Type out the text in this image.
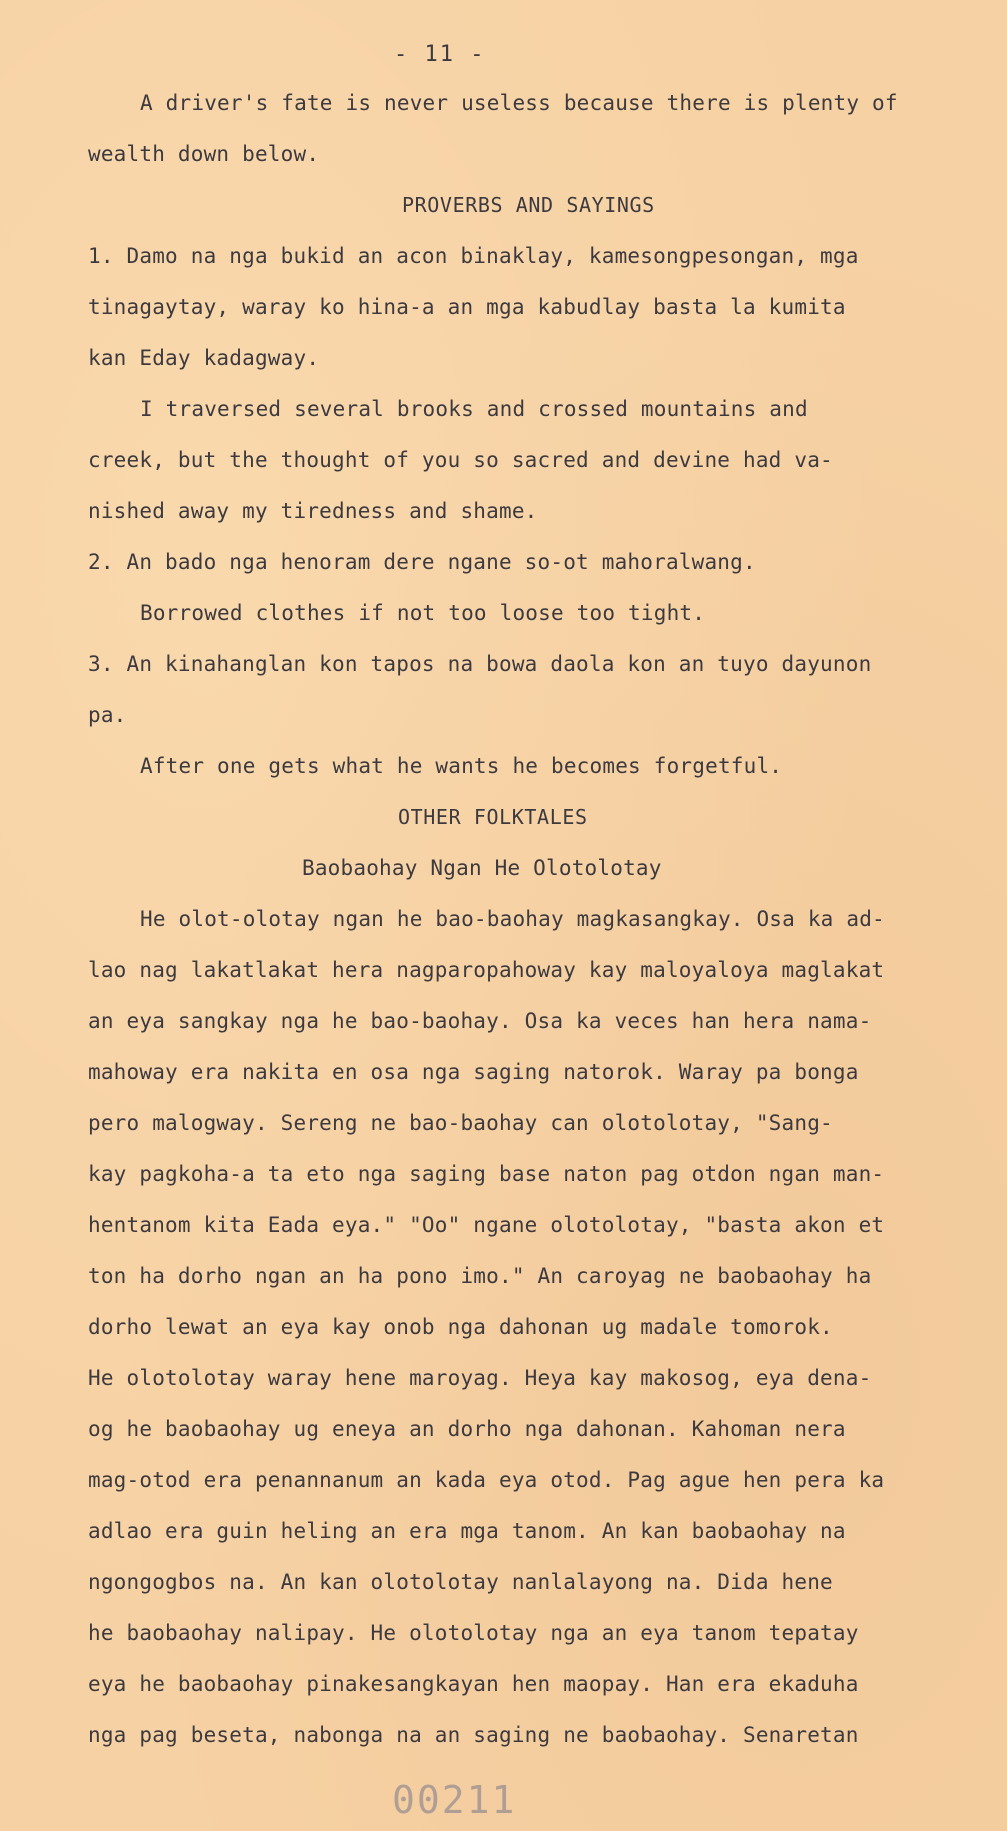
- 11 -
A driver's fate is never useless because there is plenty of
wealth down below.
PROVERBS AND SAYINGS
1. Damo na nga bukid an acon binaklay, kamesongpesongan, mga
tinagaytay, waray ko hina-a an mga kabudlay basta la kumita
kan Eday kadagway.
I traversed several brooks and crossed mountains and
creek, but the thought of you so sacred and devine had va-
nished away my tiredness and shame.
2. An bado nga henoram dere ngane so-ot mahoralwang.
Borrowed clothes if not too loose too tight.
3. An kinahanglan kon tapos na bowa daola kon an tuyo dayunon
pa.
After one gets what he wants he becomes forgetful.
OTHER FOLKTALES
Baobaohay Ngan He Olotolotay
He olot-olotay ngan he bao-baohay magkasangkay. Osa ka ad-
lao nag lakatlakat hera nagparopahoway kay maloyaloya maglakat
an eya sangkay nga he bao-baohay. Osa ka veces han hera nama-
mahoway era nakita en osa nga saging natorok. Waray pa bonga
pero malogway. Sereng ne bao-baohay can olotolotay, "Sang-
kay pagkoha-a ta eto nga saging base naton pag otdon ngan man-
hentanom kita Eada eya." "Oo" ngane olotolotay, "basta akon et
ton ha dorho ngan an ha pono imo." An caroyag ne baobaohay ha
dorho lewat an eya kay onob nga dahonan ug madale tomorok.
He olotolotay waray hene maroyag. Heya kay makosog, eya dena-
og he baobaohay ug eneya an dorho nga dahonan. Kahoman nera
mag-otod era penannanum an kada eya otod. Pag ague hen pera ka
adlao era guin heling an era mga tanom. An kan baobaohay na
ngongogbos na. An kan olotolotay nanlalayong na. Dida hene
he baobaohay nalipay. He olotolotay nga an eya tanom tepatay
eya he baobaohay pinakesangkayan hen maopay. Han era ekaduha
nga pag beseta, nabonga na an saging ne baobaohay. Senaretan
00211
